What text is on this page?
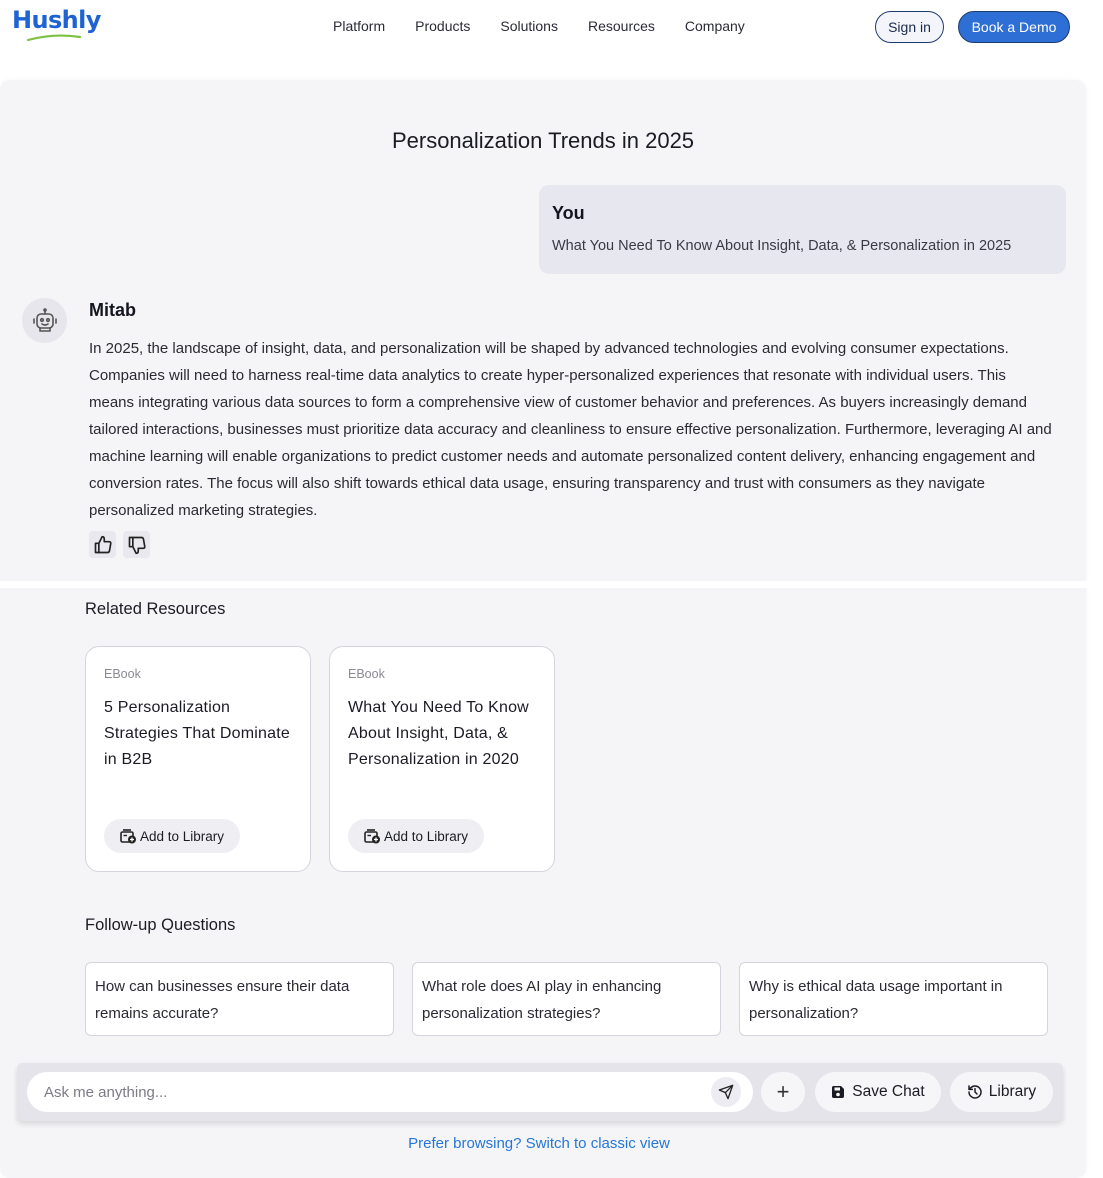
Hushly	Platform Products Solutions Resources Company	Sign in	Book a Demo
Personalization Trends in 2025
You
What You Need To Know About Insight, Data, & Personalization in 2025
Mitab
In 2025, the landscape of insight, data, and personalization will be shaped by advanced technologies and evolving consumer expectations. Companies will need to harness real-time data analytics to create hyper-personalized experiences that resonate with individual users. This means integrating various data sources to form a comprehensive view of customer behavior and preferences. As buyers increasingly demand tailored interactions, businesses must prioritize data accuracy and cleanliness to ensure effective personalization. Furthermore, leveraging AI and machine learning will enable organizations to predict customer needs and automate personalized content delivery, enhancing engagement and conversion rates. The focus will also shift towards ethical data usage, ensuring transparency and trust with consumers as they navigate personalized marketing strategies.
Related Resources
EBook
5 Personalization Strategies That Dominate in B2B
Add to Library
EBook
What You Need To Know About Insight, Data, & Personalization in 2020
Add to Library
Follow-up Questions
How can businesses ensure their data remains accurate?
What role does AI play in enhancing personalization strategies?
Why is ethical data usage important in personalization?
Ask me anything...
+	Save Chat	Library
Prefer browsing? Switch to classic view
